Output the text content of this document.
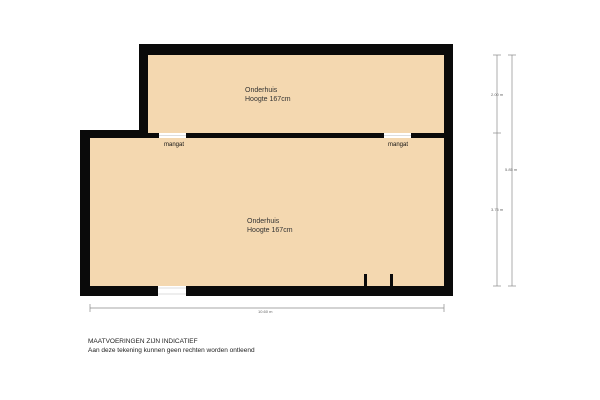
Onderhuis
Hoogte 167cm
Onderhuis
Hoogte 167cm
mangat	mangat
10.60 m
2.00 m
3.75 m
5.85 m
MAATVOERINGEN ZIJN INDICATIEF
Aan deze tekening kunnen geen rechten worden ontleend
